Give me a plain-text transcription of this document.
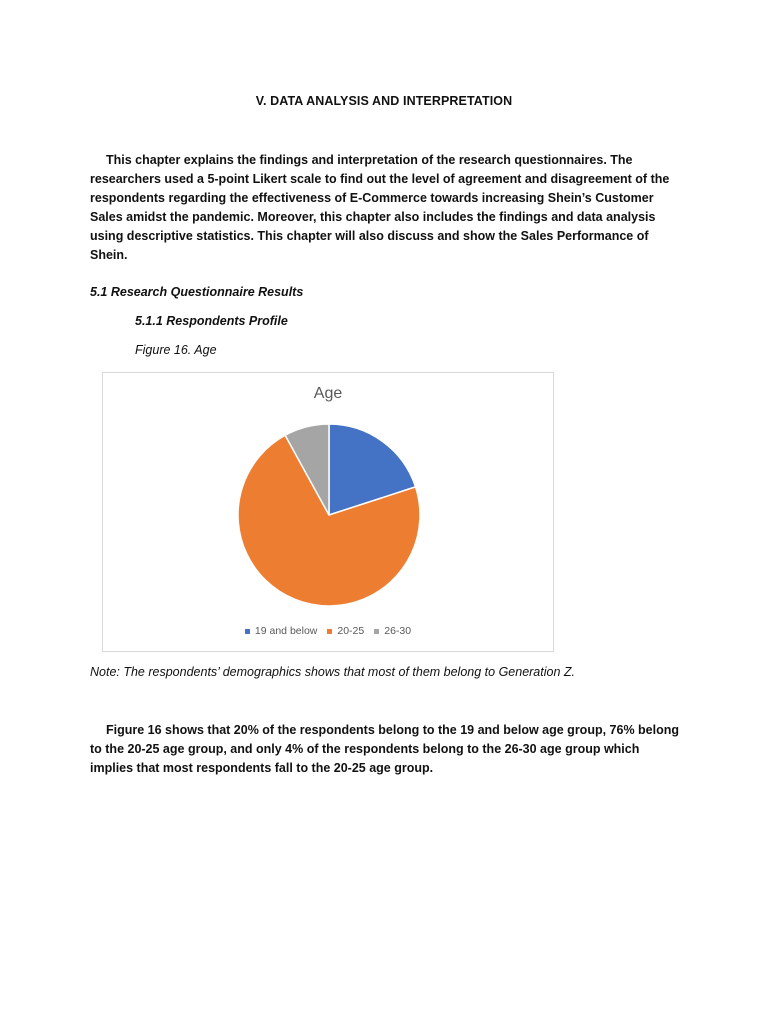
V. DATA ANALYSIS AND INTERPRETATION

This chapter explains the findings and interpretation of the research questionnaires. The researchers used a 5-point Likert scale to find out the level of agreement and disagreement of the respondents regarding the effectiveness of E-Commerce towards increasing Shein’s Customer Sales amidst the pandemic. Moreover, this chapter also includes the findings and data analysis using descriptive statistics. This chapter will also discuss and show the Sales Performance of Shein.

5.1 Research Questionnaire Results
5.1.1 Respondents Profile
Figure 16. Age
Age
19 and below 20-25 26-30
Note: The respondents’ demographics shows that most of them belong to Generation Z.

Figure 16 shows that 20% of the respondents belong to the 19 and below age group, 76% belong to the 20-25 age group, and only 4% of the respondents belong to the 26-30 age group which implies that most respondents fall to the 20-25 age group.
